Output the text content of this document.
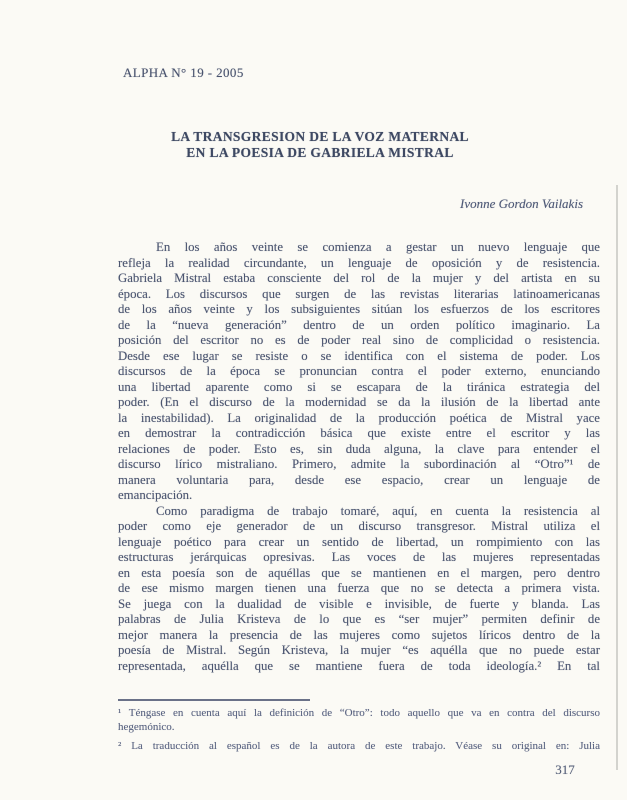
ALPHA N° 19 - 2005
LA TRANSGRESION DE LA VOZ MATERNAL
EN LA POESIA DE GABRIELA MISTRAL
Ivonne Gordon Vailakis
En los años veinte se comienza a gestar un nuevo lenguaje que
refleja la realidad circundante, un lenguaje de oposición y de resistencia.
Gabriela Mistral estaba consciente del rol de la mujer y del artista en su
época. Los discursos que surgen de las revistas literarias latinoamericanas
de los años veinte y los subsiguientes sitúan los esfuerzos de los escritores
de la “nueva generación” dentro de un orden político imaginario. La
posición del escritor no es de poder real sino de complicidad o resistencia.
Desde ese lugar se resiste o se identifica con el sistema de poder. Los
discursos de la época se pronuncian contra el poder externo, enunciando
una libertad aparente como si se escapara de la tiránica estrategia del
poder. (En el discurso de la modernidad se da la ilusión de la libertad ante
la inestabilidad). La originalidad de la producción poética de Mistral yace
en demostrar la contradicción básica que existe entre el escritor y las
relaciones de poder. Esto es, sin duda alguna, la clave para entender el
discurso lírico mistraliano. Primero, admite la subordinación al “Otro”¹ de
manera voluntaria para, desde ese espacio, crear un lenguaje de
emancipación.
Como paradigma de trabajo tomaré, aquí, en cuenta la resistencia al
poder como eje generador de un discurso transgresor. Mistral utiliza el
lenguaje poético para crear un sentido de libertad, un rompimiento con las
estructuras jerárquicas opresivas. Las voces de las mujeres representadas
en esta poesía son de aquéllas que se mantienen en el margen, pero dentro
de ese mismo margen tienen una fuerza que no se detecta a primera vista.
Se juega con la dualidad de visible e invisible, de fuerte y blanda. Las
palabras de Julia Kristeva de lo que es “ser mujer” permiten definir de
mejor manera la presencia de las mujeres como sujetos líricos dentro de la
poesía de Mistral. Según Kristeva, la mujer “es aquélla que no puede estar
representada, aquélla que se mantiene fuera de toda ideología.² En tal
¹ Téngase en cuenta aquí la definición de “Otro”: todo aquello que va en contra del discurso
hegemónico.
² La traducción al español es de la autora de este trabajo. Véase su original en: Julia
317
